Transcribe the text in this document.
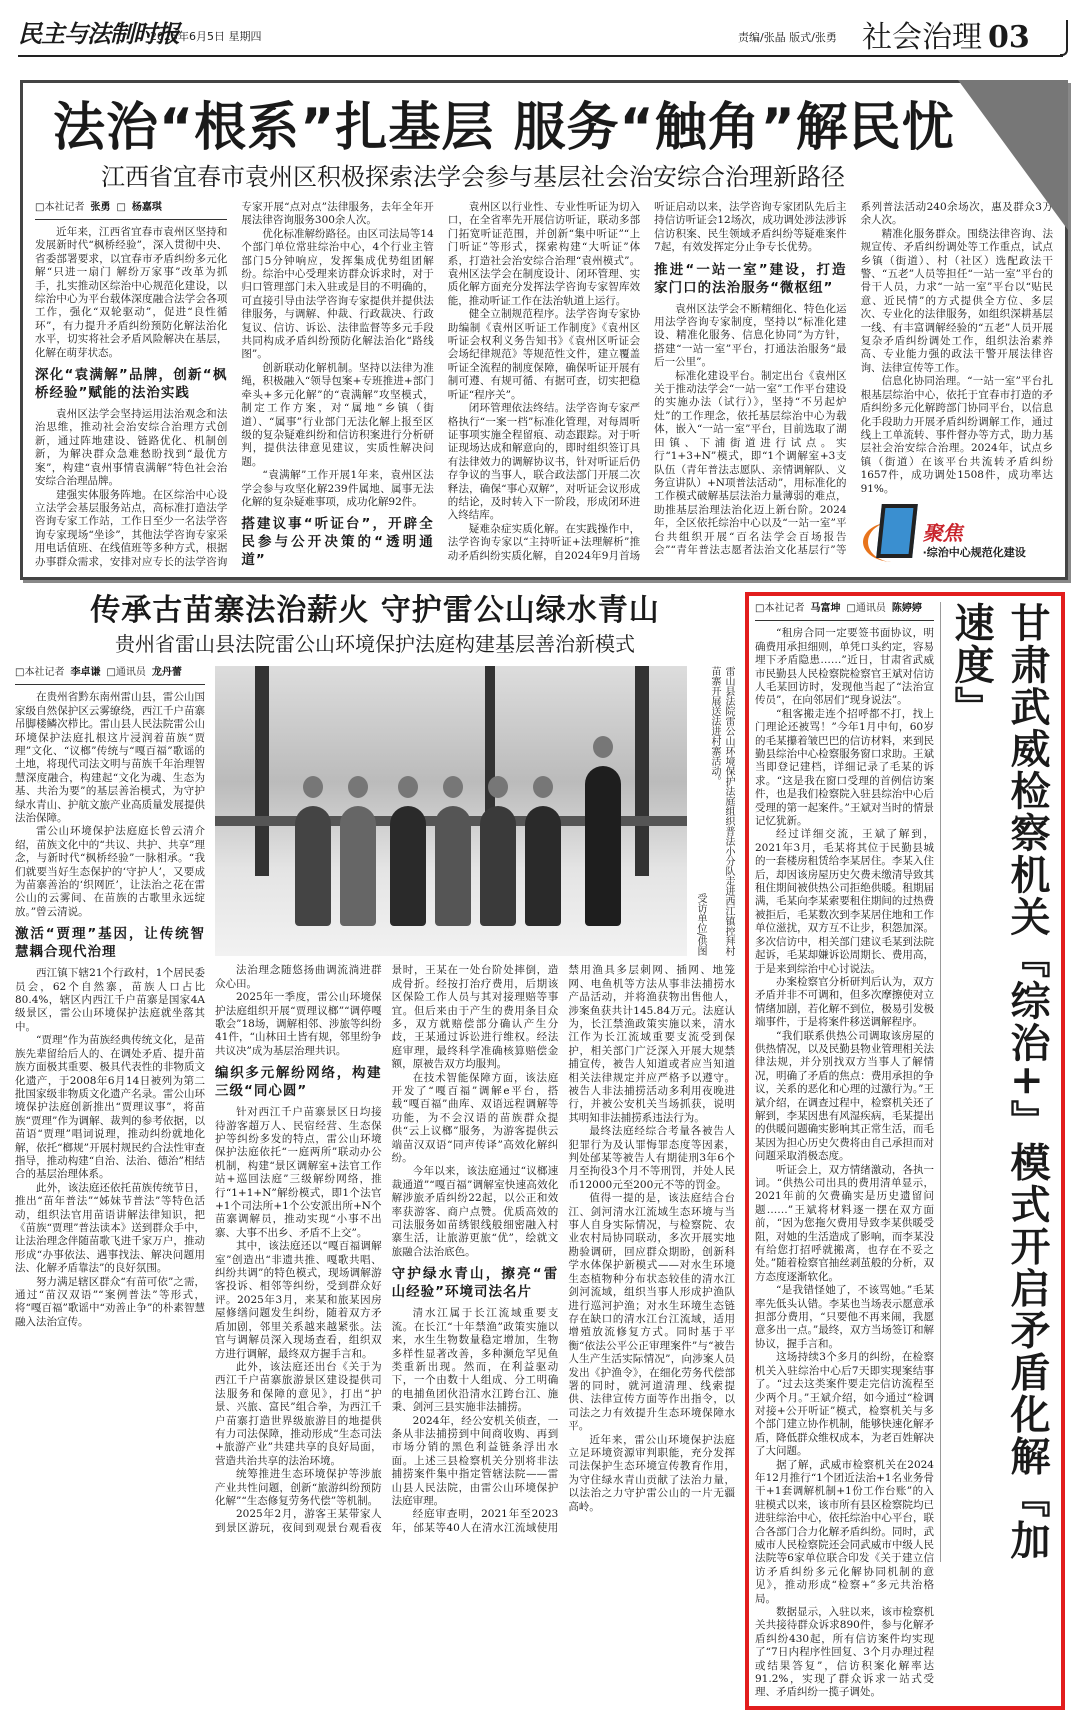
民主与法制时报
2025年6月5日 星期四	责编/张晶 版式/张勇 社会治理 03
法治“根系”扎基层 服务“触角”解民忧
江西省宜春市袁州区积极探索法学会参与基层社会治安综合治理新路径
□本社记者 张勇 □ 杨嘉琪

近年来，江西省宜春市袁州区坚持和发展新时代“枫桥经验”，深入贯彻中央、省委部署要求，以宜春市矛盾纠纷多元化解“只进一扇门 解纷万家事”改革为抓手，扎实推动区综治中心规范化建设，以综治中心为平台载体深度融合法学会各项工作，强化“双轮驱动”，促进“良性循环”，有力提升矛盾纠纷预防化解法治化水平，切实将社会矛盾风险解决在基层，化解在萌芽状态。

深化“袁满解”品牌，创新“枫桥经验”赋能的法治实践

袁州区法学会坚持运用法治观念和法治思维，推动社会治安综合治理方式创新，通过阵地建设、链路优化、机制创新，为解决群众急难愁盼找到“最优方案”，构建“袁州事情袁满解”特色社会治安综合治理品牌。

建强实体服务阵地。在区综治中心设立法学会基层服务站点，高标准打造法学咨询专家工作站，工作日至少一名法学咨询专家现场“坐诊”，其他法学咨询专家采用电话值班、在线值班等多种方式，根据办事群众需求，安排对应专长的法学咨询专家开展“点对点”法律服务，去年全年开展法律咨询服务300余人次。

优化标准解纷路径。由区司法局等14个部门单位常驻综治中心，4个行业主管部门5分钟响应，发挥集成优势组团解纷。综治中心受理来访群众诉求时，对于归口管理部门未入驻或是目的不明确的，可直接引导由法学咨询专家提供并提供法律服务，与调解、仲裁、行政裁决、行政复议、信访、诉讼、法律监督等多元手段共同构成矛盾纠纷预防化解法治化“路线图”。

创新联动化解机制。坚持以法律为准绳，积极融入“领导包案+专班推进+部门牵头+多元化解”的“袁满解”攻坚模式，制定工作方案，对“属地”乡镇（街道）、“属事”行业部门无法化解上报至区级的复杂疑难纠纷和信访积案进行分析研判，提供法律意见建议，实质性解决问题。

“袁满解”工作开展1年来，袁州区法学会参与攻坚化解239件属地、属事无法化解的复杂疑难事项，成功化解92件。

搭建议事“听证台”，开辟全民参与公开决策的“透明通道”

袁州区以行业性、专业性听证为切入口，在全省率先开展信访听证，联动多部门拓宽听证范围，并创新“集中听证”“上门听证”等形式，探索构建“大听证”体系，打造社会治安综合治理“袁州模式”。袁州区法学会在制度设计、闭环管理、实质化解方面充分发挥法学咨询专家智库效能，推动听证工作在法治轨道上运行。

健全立制规范程序。法学咨询专家协助编制《袁州区听证工作制度》《袁州区听证会权利义务告知书》《袁州区听证会会场纪律规范》等规范性文件，建立覆盖听证全流程的制度保障，确保听证开展有制可遵、有规可循、有据可查，切实把稳听证“程序关”。

闭环管理依法终结。法学咨询专家严格执行“一案一档”标准化管理，对每周听证事项实施全程留痕、动态跟踪。对于听证现场达成和解意向的，即时组织签订具有法律效力的调解协议书，针对听证后仍存争议的当事人，联合政法部门开展二次释法，确保“事心双解”，对听证会议形成的结论，及时转入下一阶段，形成闭环进入终结库。

疑难杂症实质化解。在实践操作中，法学咨询专家以“主持听证+法理解析”推动矛盾纠纷实质化解，自2024年9月首场听证启动以来，法学咨询专家团队先后主持信访听证会12场次，成功调处涉法涉诉信访积案、民生领域矛盾纠纷等疑难案件7起，有效发挥定分止争专长优势。

推进“一站一室”建设，打造家门口的法治服务“微枢纽”

袁州区法学会不断精细化、特色化运用法学咨询专家制度，坚持以“标准化建设、精准化服务、信息化协同”为方针，搭建“一站一室”平台，打通法治服务“最后一公里”。

标准化建设平台。制定出台《袁州区关于推动法学会“一站一室”工作平台建设的实施办法（试行）》，坚持“不另起炉灶”的工作理念，依托基层综治中心为载体，嵌入“一站一室”平台，目前选取了湖田镇、下浦街道进行试点。实行“1+3+N”模式，即“1个调解室+3支队伍（青年普法志愿队、亲情调解队、义务宣讲队）+N项普法活动”，用标准化的工作模式破解基层法治力量薄弱的难点，助推基层治理法治化迈上新台阶。2024年，全区依托综治中心以及“一站一室”平台共组织开展“百名法学会百场报告会”“青年普法志愿者法治文化基层行”等系列普法活动240余场次，惠及群众3万余人次。

精准化服务群众。围绕法律咨询、法规宣传、矛盾纠纷调处等工作重点，试点乡镇（街道）、村（社区）选配政法干警、“五老”人员等担任“一站一室”平台的骨干人员，力求“一站一室”平台以“贴民意、近民情”的方式提供全方位、多层次、专业化的法律服务，如组织深耕基层一线、有丰富调解经验的“五老”人员开展复杂矛盾纠纷调处工作，组织法治素养高、专业能力强的政法干警开展法律咨询、法律宣传等工作。

信息化协同治理。“一站一室”平台扎根基层综治中心，依托于宜春市打造的矛盾纠纷多元化解跨部门协同平台，以信息化手段助力开展矛盾纠纷调解工作，通过线上工单流转、事件督办等方式，助力基层社会治安综合治理。2024年，试点乡镇（街道）在该平台共流转矛盾纠纷1657件，成功调处1508件，成功率达91%。

聚焦
·综治中心规范化建设
传承古苗寨法治薪火 守护雷公山绿水青山
贵州省雷山县法院雷公山环境保护法庭构建基层善治新模式
□本社记者 李卓谦 □通讯员 龙丹蕾

在贵州省黔东南州雷山县，雷公山国家级自然保护区云雾缭绕，西江千户苗寨吊脚楼鳞次栉比。雷山县人民法院雷公山环境保护法庭扎根这片浸润着苗族“贾理”文化、“议榔”传统与“嘎百福”歌谣的土地，将现代司法文明与苗族千年治理智慧深度融合，构建起“文化为魂、生态为基、共治为要”的基层善治模式，为守护绿水青山、护航文旅产业高质量发展提供法治保障。

雷公山环境保护法庭庭长曾云清介绍，苗族文化中的“共议、共护、共享”理念，与新时代“枫桥经验”一脉相承。“我们就要当好生态保护的‘守护人’，又要成为苗寨善治的‘织网匠’，让法治之花在雷公山的云雾间、在苗族的古歌里永远绽放。”曾云清说。

激活“贾理”基因，让传统智慧耦合现代治理

西江镇下辖21个行政村，1个居民委员会，62个自然寨，苗族人口占比80.4%，辖区内西江千户苗寨是国家4A级景区，雷公山环境保护法庭就坐落其中。

“贾理”作为苗族经典传统文化，是苗族先辈留给后人的、在调处矛盾、提升苗族方面极其重要、极具代表性的非物质文化遗产，于2008年6月14日被列为第二批国家级非物质文化遗产名录。雷公山环境保护法庭创新推出“贾理议事”，将苗族“贾理”作为调解、裁判的参考依据，以苗语“贾理”唱词说理，推动纠纷就地化解，依托“榔规”开展村规民约合法性审查指导，推动构建“自治、法治、德治”相结合的基层治理体系。

此外，该法庭还依托苗族传统节日，推出“苗年普法”“姊妹节普法”等特色活动，组织法官用苗语讲解法律知识，把《苗族“贾理”普法读本》送到群众手中，让法治理念伴随苗歌飞进千家万户，推动形成“办事依法、遇事找法、解决问题用法、化解矛盾靠法”的良好氛围。

努力满足辖区群众“有苗可依”之需，通过“苗汉双语”“案例普法”等形式，将“嘎百福”歌谣中“劝善止争”的朴素智慧融入法治宣传。

雷山县法院雷公山环境保护法庭组织普法小分队走进西江镇控拜村苗寨开展送法进村寨活动。
受访单位/供图

法治理念随悠扬曲调流淌进群众心田。

2025年一季度，雷公山环境保护法庭组织开展“贾理议榔”“调停嘎歌会”18场，调解相邻、涉旅等纠纷41件，“山林田土皆有规，邻里纷争共议决”成为基层治理共识。

编织多元解纷网络，构建三级“同心圆”

针对西江千户苗寨景区日均接待游客超万人、民宿经营、生态保护等纠纷多发的特点，雷公山环境保护法庭依托“一庭两所”联动办公机制，构建“景区调解室+法官工作站+巡回法庭”三级解纷网络，推行“1+1+N”解纷模式，即1个法官+1个司法所+1个公安派出所+N个苗寨调解员，推动实现“小事不出寨、大事不出乡、矛盾不上交”。

其中，该法庭还以“嘎百福调解室”创造出“非遗共推、嘎歌共唱、纠纷共调”的特色模式，现场调解游客投诉、相邻等纠纷，受到群众好评。2025年3月，来某和旅某因房屋修缮问题发生纠纷，随着双方矛盾加剧，邻里关系越来越紧张。法官与调解员深入现场查看，组织双方进行调解，最终双方握手言和。

此外，该法庭还出台《关于为西江千户苗寨旅游景区建设提供司法服务和保障的意见》，打出“护景、兴旅、富民”组合拳，为西江千户苗寨打造世界级旅游目的地提供有力司法保障，推动形成“生态司法+旅游产业”共建共享的良好局面，营造共治共享的法治环境。

统筹推进生态环境保护等涉旅产业共性问题，创新“旅游纠纷预防化解”“生态修复劳务代偿”等机制。

2025年2月，游客王某带家人到景区游玩，夜间到观景台观看夜景时，王某在一处台阶处摔倒，造成骨折。经按打治疗费用，后期该区保险工作人员与其对接理赔等事宜。但后来由于产生的费用条目众多，双方就赔偿部分确认产生分歧，王某通过诉讼进行维权。经法庭审理，最终科学准确核算赔偿金额，原被告双方均服判。

在技术智能保障方面，该法庭开发了“嘎百福”调解e平台，搭载“嘎百福”曲库、双语远程调解等功能，为不会汉语的苗族群众提供“云上议榔”服务，为游客提供云端苗汉双语“同声传译”高效化解纠纷。

今年以来，该法庭通过“议榔速裁通道”“嘎百福”调解室快速高效化解涉旅矛盾纠纷22起，以公正和效率获游客、商户点赞。优质高效的司法服务如苗绣银线般细密融入村寨生活，让旅游更旅“优”，绘就文旅融合法治底色。

守护绿水青山，擦亮“雷山经验”环境司法名片

清水江属于长江流域重要支流。在长江“十年禁渔”政策实施以来，水生生物数量稳定增加，生物多样性显著改善，多种濒危罕见鱼类重新出现。然而，在利益驱动下，一个由数十人组成、分工明确的电捕鱼团伙沿清水江跨台江、施秉、剑河三县实施非法捕捞。

2024年，经公安机关侦查，一条从非法捕捞到中间商收购、再到市场分销的黑色利益链条浮出水面。上述三县检察机关分别将非法捕捞案件集中指定管辖法院——雷山县人民法院，由雷公山环境保护法庭审理。

经庭审查明，2021年至2023年，邰某等40人在清水江流域使用禁用渔具多层刺网、插网、地笼网、电鱼机等方法从事非法捕捞水产品活动，并将渔获物出售他人，涉案鱼获共计145.84万元。法庭认为，长江禁渔政策实施以来，清水江作为长江流域重要支流受到保护，相关部门广泛深入开展大规禁捕宣传，被告人知道或者应当知道相关法律规定并应严格予以遵守。被告人非法捕捞活动多利用夜晚进行，并被公安机关当场抓获，说明其明知非法捕捞系违法行为。

最终法庭经综合考量各被告人犯罪行为及认罪悔罪态度等因素，判处邰某等被告人有期徒刑3年6个月至拘役3个月不等刑罚，并处人民币12000元至200元不等的罚金。

值得一提的是，该法庭结合台江、剑河清水江流域生态环境与当事人自身实际情况，与检察院、农业农村局协同联动，多次开展实地勘验调研，回应群众期盼，创新科学水体保护新模式——对水生环境生态植物种分布状态较佳的清水江剑河流域，组织当事人形成护渔队进行巡河护渔；对水生环境生态链存在缺口的清水江台江流域，适用增殖放流修复方式。同时基于平衡“依法公平公正审理案件”与“被告人生产生活实际情况”，向涉案人员发出《护渔令》，在细化劳务代偿部署的同时，就河道清理、线索提供、法律宣传方面等作出指令，以司法之力有效提升生态环境保障水平。

近年来，雷公山环境保护法庭立足环境资源审判职能，充分发挥司法保护生态环境宣传教育作用，为守住绿水青山贡献了法治力量，以法治之力守护雷公山的一片无疆高岭。

□本社记者 马富坤 □通讯员 陈婷婷

“租房合同一定要签书面协议，明确费用承担细则，单凭口头约定，容易埋下矛盾隐患……”近日，甘肃省武威市民勤县人民检察院检察官王斌对信访人毛某回访时，发现他当起了“法治宣传员”，在向邻居们“现身说法”。

“租客搬走连个招呼都不打，找上门理论还被骂！”今年1月中旬，60岁的毛某攥着皱巴巴的信访材料，来到民勤县综治中心检察服务窗口求助。王斌当即登记建档，详细记录了毛某的诉求。“这是我在窗口受理的首例信访案件，也是我们检察院入驻县综治中心后受理的第一起案件。”王斌对当时的情景记忆犹新。

经过详细交流，王斌了解到，2021年3月，毛某将其位于民勤县城的一套楼房租赁给李某居住。李某入住后，却因该房屋历史欠费未缴清导致其租住期间被供热公司拒绝供暖。租期届满，毛某向李某索要租住期间的过热费被拒后，毛某数次到李某居住地和工作单位滋扰，双方互不让步，积怨加深。多次信访中，相关部门建议毛某到法院起诉，毛某却嫌诉讼周期长、费用高，于是来到综治中心讨说法。

办案检察官分析研判后认为，双方矛盾并非不可调和，但多次摩擦使对立情绪加剧，若化解不到位，极易引发极端事件，于是将案件移送调解程序。

“我们联系供热公司调取该房屋的供热情况，以及民勤县物业管理相关法律法规，并分别找双方当事人了解情况，明确了矛盾的焦点：费用承担的争议，关系的恶化和心理的过激行为。”王斌介绍，在调查过程中，检察机关还了解到，李某因患有风湿疾病，毛某提出的供暖问题确实影响其正常生活，而毛某因为担心历史欠费将由自己承担而对问题采取消极态度。

听证会上，双方情绪激动，各执一词。“供热公司出具的费用清单显示，2021年前的欠费确实是历史遗留问题……”王斌将材料逐一摆在双方面前，“因为您拖欠费用导致李某供暖受阻，对她的生活造成了影响，而李某没有给您打招呼就搬离，也存在不妥之处。”随着检察官抽丝剥茧般的分析，双方态度逐渐软化。

“是我错怪她了，不该骂她。”毛某率先低头认错。李某也当场表示愿意承担部分费用，“只要他不再来闹，我愿意多出一点。”最终，双方当场签订和解协议，握手言和。

这场持续3个多月的纠纷，在检察机关入驻综治中心后7天即实现案结事了。“过去这类案件要走完信访流程至少两个月。”王斌介绍，如今通过“检调对接+公开听证”模式，检察机关与多个部门建立协作机制，能够快速化解矛盾，降低群众维权成本，为老百姓解决了大问题。

据了解，武威市检察机关在2024年12月推行“1个团近法治+1名业务骨干+1套调解机制+1份工作台账”的入驻模式以来，该市所有县区检察院均已进驻综治中心，依托综治中心平台，联合各部门合力化解矛盾纠纷。同时，武威市人民检察院还会同武威市中级人民法院等6家单位联合印发《关于建立信访矛盾纠纷多元化解协同机制的意见》，推动形成“检察+”多元共治格局。

数据显示，入驻以来，该市检察机关共接待群众诉求890件，参与化解矛盾纠纷430起，所有信访案件均实现了“7日内程序性回复、3个月办理过程或结果答复”，信访积案化解率达91.2%，实现了群众诉求一站式受理、矛盾纠纷一揽子调处。

甘肃武威检察机关『综治+』模式开启矛盾化解『加速度』
